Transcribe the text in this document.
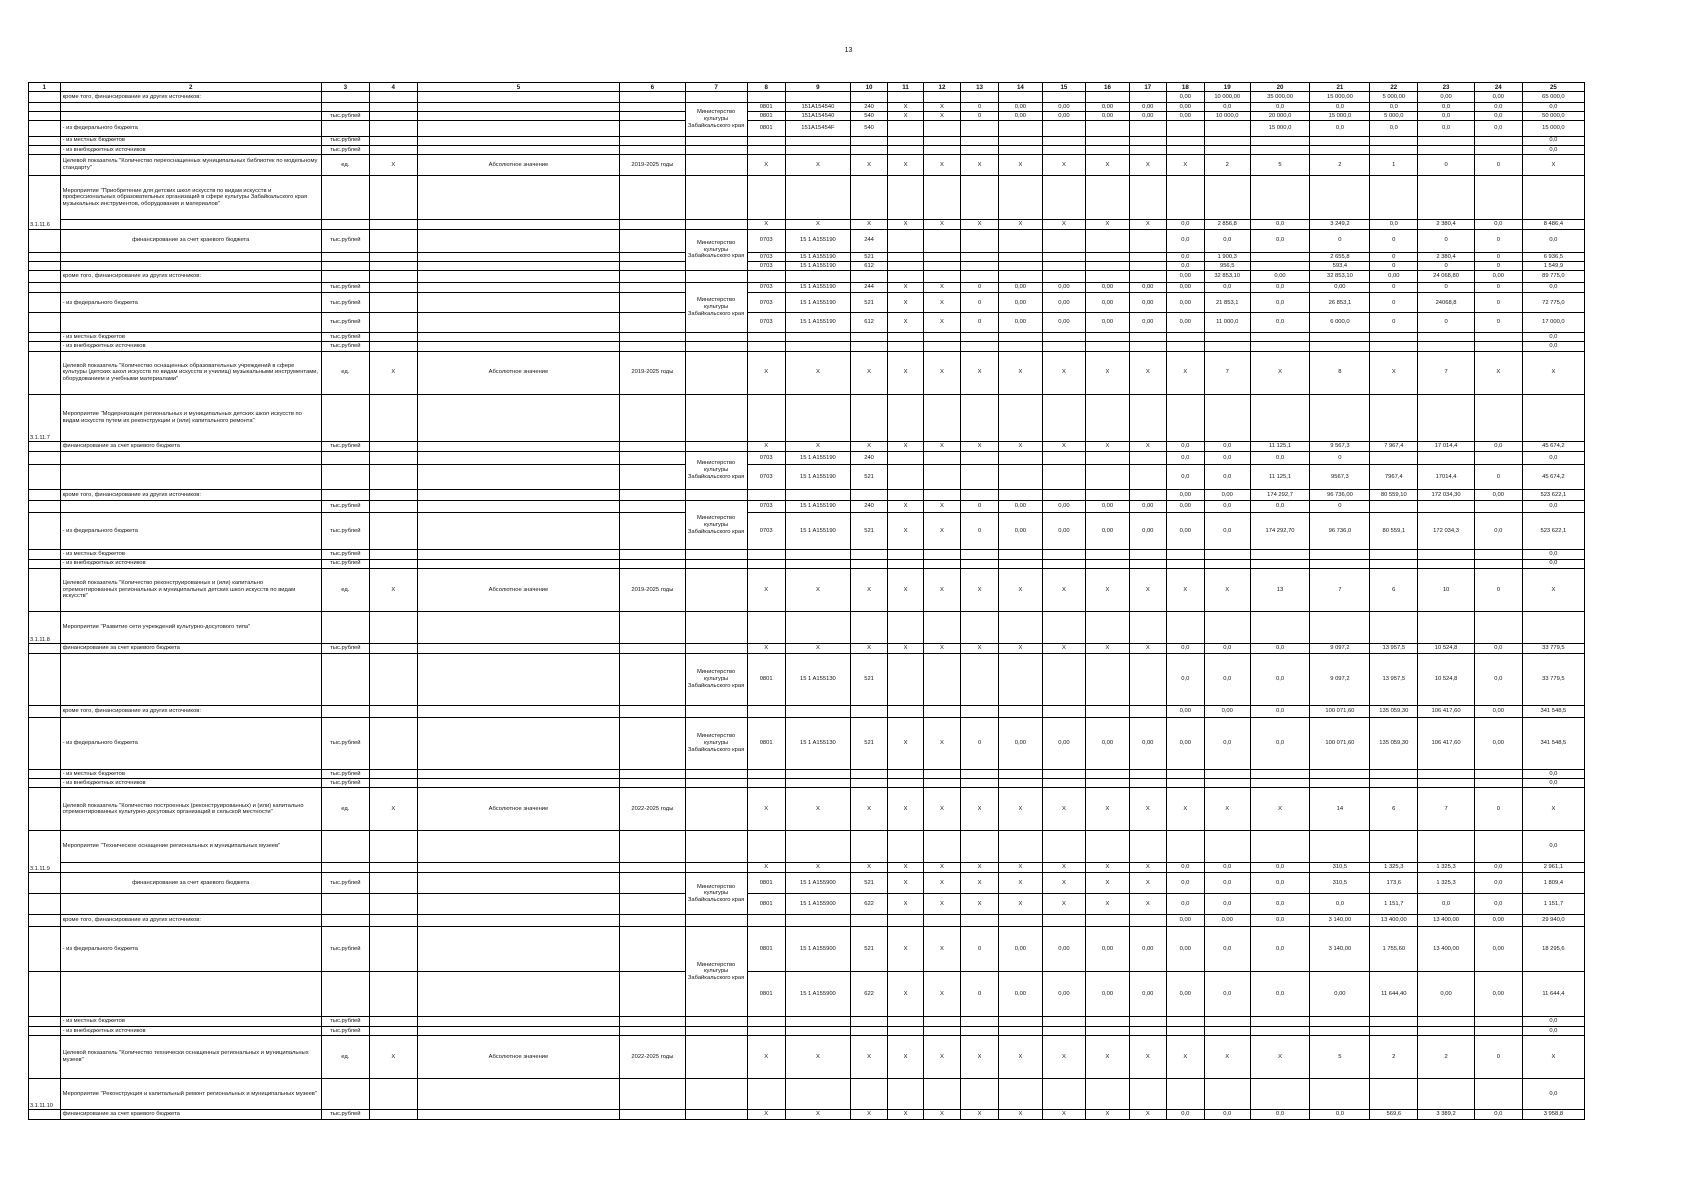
13
1	2	3	4	5	6	7	8	9	10	11	12	13	14	15	16	17	18	19	20	21	22	23	24	25
	кроме того, финансирование из других источников:																0,00	10 000,00	35 000,00	15 000,00	5 000,00	0,00	0,00	65 000,0
						Министерство культуры Забайкальского края	0801	151A154540	240	X	X	0	0,00	0,00	0,00	0,00	0,00	0,0	0,0	0,0	0,0	0,0	0,0	0,0
		тыс.рублей					0801	151A154540	540	X	X	0	0,00	0,00	0,00	0,00	0,00	10 000,0	20 000,0	15 000,0	5 000,0	0,0	0,0	50 000,0
	- из федерального бюджета						0801	151A15454F	540										15 000,0	0,0	0,0	0,0	0,0	15 000,0
	- из местных бюджетов	тыс.рублей																						0,0
	- из внебюджетных источников	тыс.рублей																						0,0
	Целевой показатель "Количество переоснащенных муниципальных библиотек по модельному стандарту"	ед.	X	Абсолютное значение	2019-2025 годы		X	X	X	X	X	X	X	X	X	X	X	2	5	2	1	0	0	X
3.1.11.6	Мероприятие "Приобретение для детских школ искусств по видам искусств и профессиональных образовательных организаций в сфере культуры Забайкальского края музыкальных инструментов, оборудования и материалов"																							
							X	X	X	X	X	X	X	X	X	X	0,0	2 856,8	0,0	3 249,2	0,0	2 380,4	0,0	8 486,4
	финансирование за счет краевого бюджета	тыс.рублей				Министерство культуры Забайкальского края	0703	15 1 A155190	244								0,0	0,0	0,0	0	0	0	0	0,0
							0703	15 1 A155190	521								0,0	1 900,3		2 655,8	0	2 380,4	0	6 936,5
							0703	15 1 A155190	612								0,0	956,5		593,4	0	0	0	1 549,9
	кроме того, финансирование из других источников:																0,00	32 853,10	0,00	32 853,10	0,00	24 068,80	0,00	89 775,0
		тыс.рублей				Министерство культуры Забайкальского края	0703	15 1 A155190	244	X	X	0	0,00	0,00	0,00	0,00	0,00	0,0	0,0	0,00	0	0	0	0,0
	- из федерального бюджета	тыс.рублей					0703	15 1 A155190	521	X	X	0	0,00	0,00	0,00	0,00	0,00	21 853,1	0,0	26 853,1	0	24068,8	0	72 775,0
		тыс.рублей					0703	15 1 A155190	612	X	X	0	0,00	0,00	0,00	0,00	0,00	11 000,0	0,0	6 000,0	0	0	0	17 000,0
	- из местных бюджетов	тыс.рублей																						0,0
	- из внебюджетных источников	тыс.рублей																						0,0
	Целевой показатель "Количество оснащенных образовательных учреждений в сфере культуры (детских школ искусств по видам искусств и училищ) музыкальными инструментами, оборудованием и учебными материалами"	ед.	X	Абсолютное значение	2019-2025 годы		X	X	X	X	X	X	X	X	X	X	X	7	X	8	X	7	X	X
3.1.11.7	Мероприятие "Модернизация региональных и муниципальных детских школ искусств по видам искусств путем их реконструкции и (или) капитального ремонта"																							
	финансирование за счет краевого бюджета	тыс.рублей					X	X	X	X	X	X	X	X	X	X	0,0	0,0	11 125,1	9 567,3	7 967,4	17 014,4	0,0	45 674,2
						Министерство культуры Забайкальского края	0703	15 1 A155190	240								0,0	0,0	0,0	0				0,0
							0703	15 1 A155190	521								0,0	0,0	11 125,1	9567,3	7967,4	17014,4	0	45 674,2
	кроме того, финансирование из других источников:																0,00	0,00	174 292,7	96 736,00	80 559,10	172 034,30	0,00	523 622,1
		тыс.рублей				Министерство культуры Забайкальского края	0703	15 1 A155190	240	X	X	0	0,00	0,00	0,00	0,00	0,00	0,0	0,0	0				0,0
	- из федерального бюджета	тыс.рублей					0703	15 1 A155190	521	X	X	0	0,00	0,00	0,00	0,00	0,00	0,0	174 292,70	96 736,0	80 559,1	172 034,3	0,0	523 622,1
	- из местных бюджетов	тыс.рублей																						0,0
	- из внебюджетных источников	тыс.рублей																						0,0
	Целевой показатель "Количество реконструированных и (или) капитально отремонтированных региональных и муниципальных детских школ искусств по видам искусств"	ед.	X	Абсолютное значение	2019-2025 годы		X	X	X	X	X	X	X	X	X	X	X	X	13	7	6	10	0	X
3.1.11.8	Мероприятие "Развитие сети учреждений культурно-досугового типа"																							
	финансирование за счет краевого бюджета	тыс.рублей					X	X	X	X	X	X	X	X	X	X	0,0	0,0	0,0	9 097,2	13 957,5	10 524,8	0,0	33 779,5
						Министерство культуры Забайкальского края	0801	15 1 A155130	521								0,0	0,0	0,0	9 097,2	13 957,5	10 524,8	0,0	33 779,5
	кроме того, финансирование из других источников:																0,00	0,00	0,0	100 071,60	135 059,30	106 417,60	0,00	341 548,5
	- из федерального бюджета	тыс.рублей				Министерство культуры Забайкальского края	0801	15 1 A155130	521	X	X	0	0,00	0,00	0,00	0,00	0,00	0,0	0,0	100 071,60	135 059,30	106 417,60	0,00	341 548,5
	- из местных бюджетов	тыс.рублей																						0,0
	- из внебюджетных источников	тыс.рублей																						0,0
	Целевой показатель "Количество построенных (реконструированных) и (или) капитально отремонтированных культурно-досуговых организаций в сельской местности"	ед.	X	Абсолютное значение	2022-2025 годы		X	X	X	X	X	X	X	X	X	X	X	X	X	14	6	7	0	X
3.1.11.9	Мероприятие "Техническое оснащение региональных и муниципальных музеев"																							0,0
							X	X	X	X	X	X	X	X	X	X	0,0	0,0	0,0	310,5	1 325,3	1 325,3	0,0	2 961,1
	финансирование за счет краевого бюджета	тыс.рублей				Министерство культуры Забайкальского края	0801	15 1 A155900	521	X	X	X	X	X	X	X	0,0	0,0	0,0	310,5	173,6	1 325,3	0,0	1 809,4
							0801	15 1 A155900	622	X	X	X	X	X	X	X	0,0	0,0	0,0	0,0	1 151,7	0,0	0,0	1 151,7
	кроме того, финансирование из других источников:																0,00	0,00	0,0	3 140,00	13 400,00	13 400,00	0,00	29 940,0
	- из федерального бюджета	тыс.рублей				Министерство культуры Забайкальского края	0801	15 1 A155900	521	X	X	0	0,00	0,00	0,00	0,00	0,00	0,0	0,0	3 140,00	1 755,60	13 400,00	0,00	18 295,6
							0801	15 1 A155900	622	X	X	0	0,00	0,00	0,00	0,00	0,00	0,0	0,0	0,00	11 644,40	0,00	0,00	11 644,4
	- из местных бюджетов	тыс.рублей																						0,0
	- из внебюджетных источников	тыс.рублей																						0,0
	Целевой показатель "Количество технически оснащенных региональных и муниципальных музеев"	ед.	X	Абсолютное значение	2022-2025 годы		X	X	X	X	X	X	X	X	X	X	X	X	X	5	2	2	0	X
3.1.11.10	Мероприятие "Реконструкция и капитальный ремонт региональных и муниципальных музеев"																							0,0
	финансирование за счет краевого бюджета	тыс.рублей					X	X	X	X	X	X	X	X	X	X	0,0	0,0	0,0	0,0	569,6	3 389,2	0,0	3 958,8
